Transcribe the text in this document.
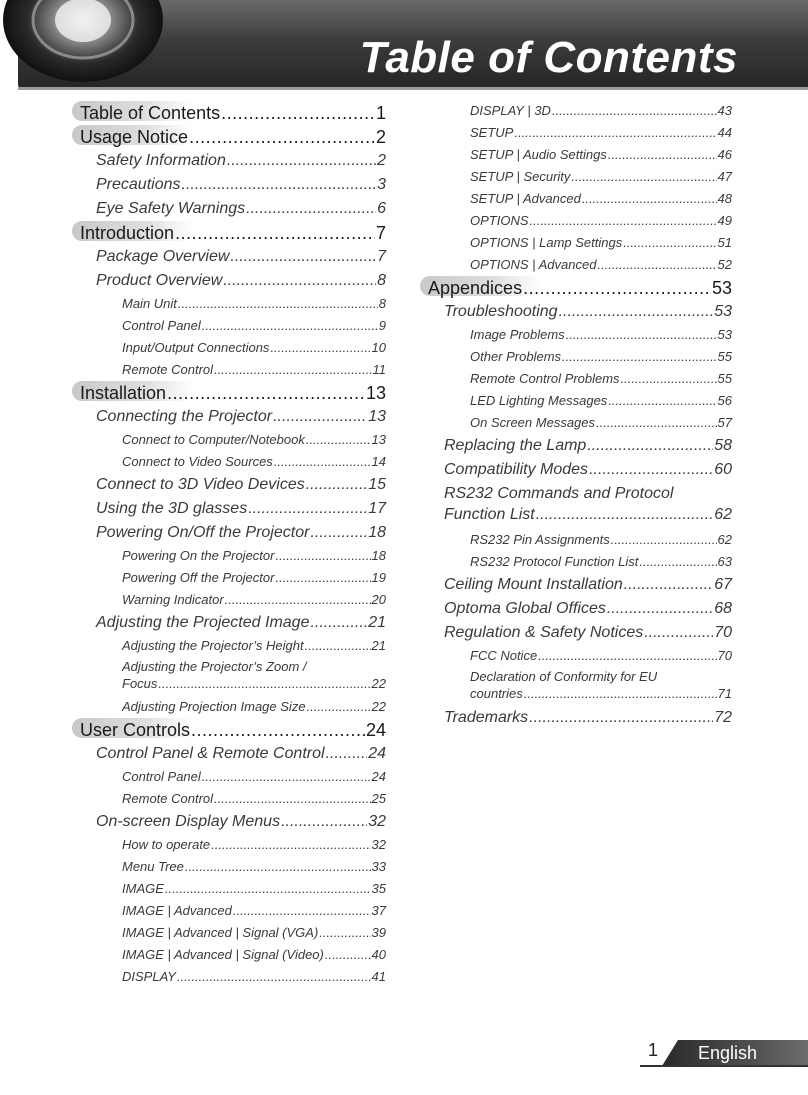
Table of Contents
Table of Contents .....	1
Usage Notice .....	2
Safety Information .....	2
Precautions .....	3
Eye Safety Warnings .....	6
Introduction .....	7
Package Overview .....	7
Product Overview .....	8
Main Unit .....	8
Control Panel .....	9
Input/Output Connections .....	10
Remote Control .....	11
Installation .....	13
Connecting the Projector .....	13
Connect to Computer/Notebook .....	13
Connect to Video Sources .....	14
Connect to 3D Video Devices .....	15
Using the 3D glasses .....	17
Powering On/Off the Projector .....	18
Powering On the Projector .....	18
Powering Off the Projector .....	19
Warning Indicator .....	20
Adjusting the Projected Image .....	21
Adjusting the Projector’s Height .....	21
Adjusting the Projector’s Zoom /
Focus .....	22
Adjusting Projection Image Size .....	22
User Controls .....	24
Control Panel & Remote Control .....	24
Control Panel .....	24
Remote Control .....	25
On-screen Display Menus .....	32
How to operate .....	32
Menu Tree .....	33
IMAGE .....	35
IMAGE | Advanced .....	37
IMAGE | Advanced | Signal (VGA) .....	39
IMAGE | Advanced | Signal (Video) .....	40
DISPLAY .....	41
DISPLAY | 3D .....	43
SETUP .....	44
SETUP | Audio Settings .....	46
SETUP | Security .....	47
SETUP | Advanced .....	48
OPTIONS .....	49
OPTIONS | Lamp Settings .....	51
OPTIONS | Advanced .....	52
Appendices .....	53
Troubleshooting .....	53
Image Problems .....	53
Other Problems .....	55
Remote Control Problems .....	55
LED Lighting Messages .....	56
On Screen Messages .....	57
Replacing the Lamp .....	58
Compatibility Modes .....	60
RS232 Commands and Protocol
Function List .....	62
RS232 Pin Assignments .....	62
RS232 Protocol Function List .....	63
Ceiling Mount Installation .....	67
Optoma Global Offices .....	68
Regulation & Safety Notices .....	70
FCC Notice .....	70
Declaration of Conformity for EU
countries .....	71
Trademarks .....	72
1 English
